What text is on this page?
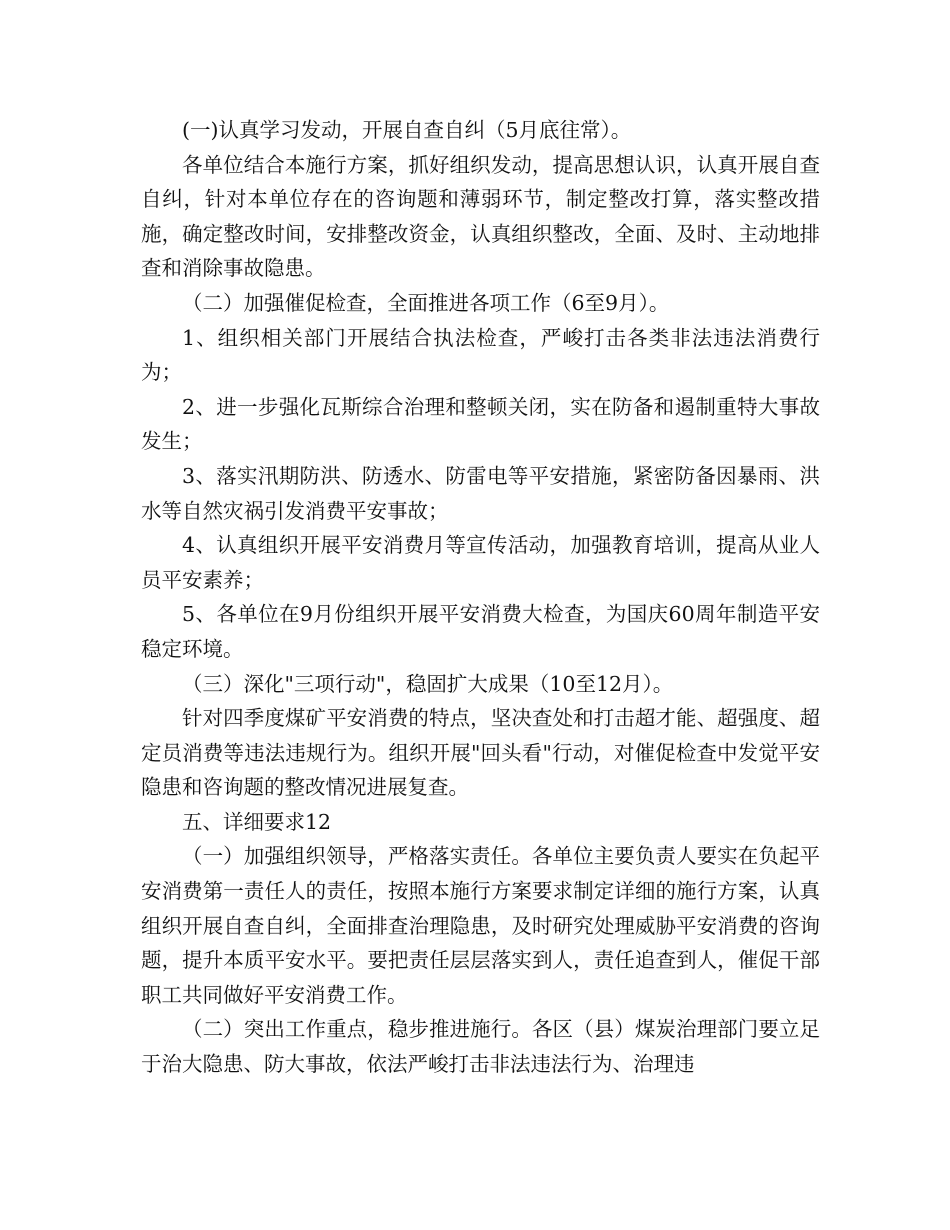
(一)认真学习发动，开展自查自纠（5月底往常）。

各单位结合本施行方案，抓好组织发动，提高思想认识，认真开展自查自纠，针对本单位存在的咨询题和薄弱环节，制定整改打算，落实整改措施，确定整改时间，安排整改资金，认真组织整改，全面、及时、主动地排查和消除事故隐患。

（二）加强催促检查，全面推进各项工作（6至9月）。

1、组织相关部门开展结合执法检查，严峻打击各类非法违法消费行为；

2、进一步强化瓦斯综合治理和整顿关闭，实在防备和遏制重特大事故发生；

3、落实汛期防洪、防透水、防雷电等平安措施，紧密防备因暴雨、洪水等自然灾祸引发消费平安事故；

4、认真组织开展平安消费月等宣传活动，加强教育培训，提高从业人员平安素养；

5、各单位在9月份组织开展平安消费大检查，为国庆60周年制造平安稳定环境。

（三）深化"三项行动"，稳固扩大成果（10至12月）。

针对四季度煤矿平安消费的特点，坚决查处和打击超才能、超强度、超定员消费等违法违规行为。组织开展"回头看"行动，对催促检查中发觉平安隐患和咨询题的整改情况进展复查。

五、详细要求12

（一）加强组织领导，严格落实责任。各单位主要负责人要实在负起平安消费第一责任人的责任，按照本施行方案要求制定详细的施行方案，认真组织开展自查自纠，全面排查治理隐患，及时研究处理威胁平安消费的咨询题，提升本质平安水平。要把责任层层落实到人，责任追查到人，催促干部职工共同做好平安消费工作。

（二）突出工作重点，稳步推进施行。各区（县）煤炭治理部门要立足于治大隐患、防大事故，依法严峻打击非法违法行为、治理违
